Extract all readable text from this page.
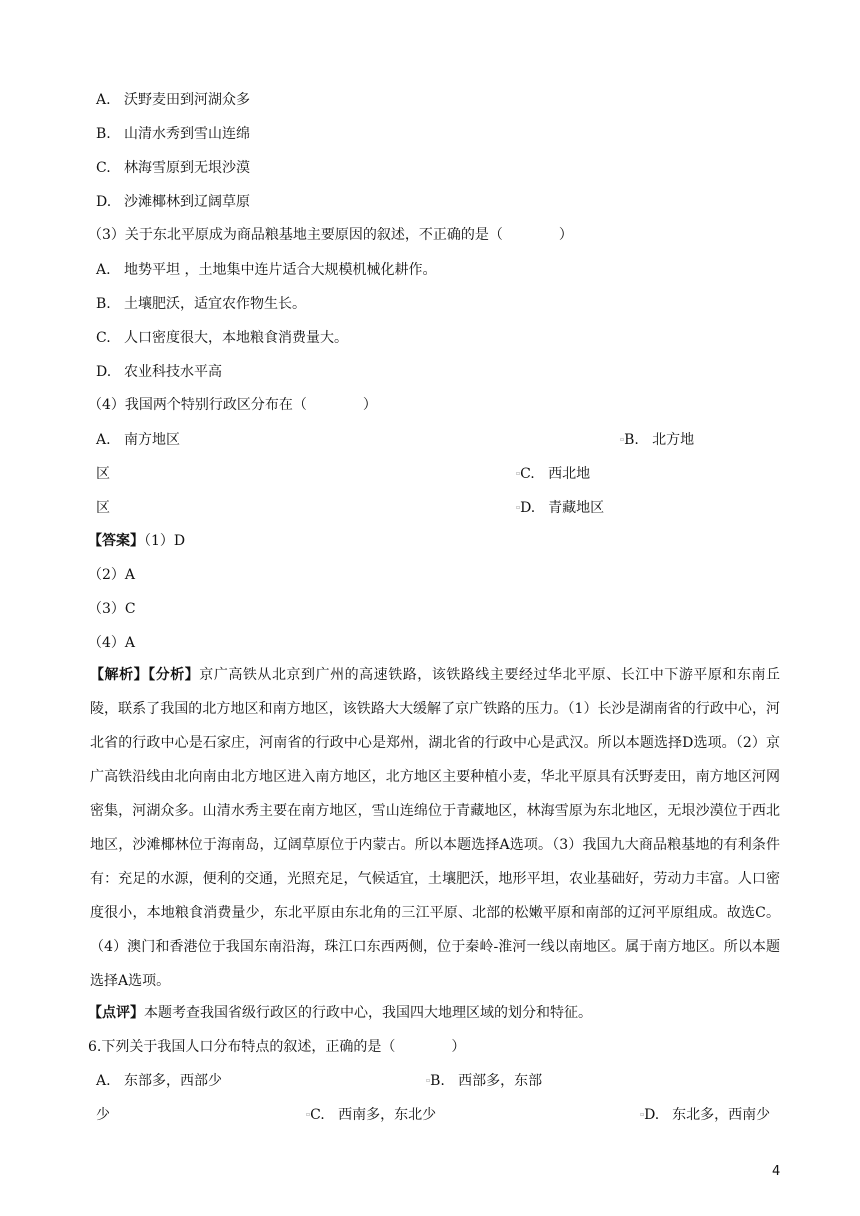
A. 沃野麦田到河湖众多
B. 山清水秀到雪山连绵
C. 林海雪原到无垠沙漠
D. 沙滩椰林到辽阔草原
（3）关于东北平原成为商品粮基地主要原因的叙述，不正确的是（　　　　）
A. 地势平坦 ，土地集中连片适合大规模机械化耕作。
B. 土壤肥沃，适宜农作物生长。
C. 人口密度很大，本地粮食消费量大。
D. 农业科技水平高
（4）我国两个特别行政区分布在（　　　　）
A. 南方地区	▫B. 北方地
区	▫C. 西北地
区	▫D. 青藏地区
【答案】（1）D
（2）A
（3）C
（4）A
【解析】【分析】京广高铁从北京到广州的高速铁路，该铁路线主要经过华北平原、长江中下游平原和东南丘陵，联系了我国的北方地区和南方地区，该铁路大大缓解了京广铁路的压力。（1）长沙是湖南省的行政中心，河北省的行政中心是石家庄，河南省的行政中心是郑州，湖北省的行政中心是武汉。所以本题选择D选项。（2）京广高铁沿线由北向南由北方地区进入南方地区，北方地区主要种植小麦，华北平原具有沃野麦田，南方地区河网密集，河湖众多。山清水秀主要在南方地区，雪山连绵位于青藏地区，林海雪原为东北地区，无垠沙漠位于西北地区，沙滩椰林位于海南岛，辽阔草原位于内蒙古。所以本题选择A选项。（3）我国九大商品粮基地的有利条件有：充足的水源，便利的交通，光照充足，气候适宜，土壤肥沃，地形平坦，农业基础好，劳动力丰富。人口密度很小，本地粮食消费量少，东北平原由东北角的三江平原、北部的松嫩平原和南部的辽河平原组成。故选C。（4）澳门和香港位于我国东南沿海，珠江口东西两侧，位于秦岭-淮河一线以南地区。属于南方地区。所以本题选择A选项。
【点评】本题考查我国省级行政区的行政中心，我国四大地理区域的划分和特征。
6.下列关于我国人口分布特点的叙述，正确的是（　　　　）
A. 东部多，西部少	▫B. 西部多，东部
少	▫C. 西南多，东北少	▫D. 东北多，西南少
4
